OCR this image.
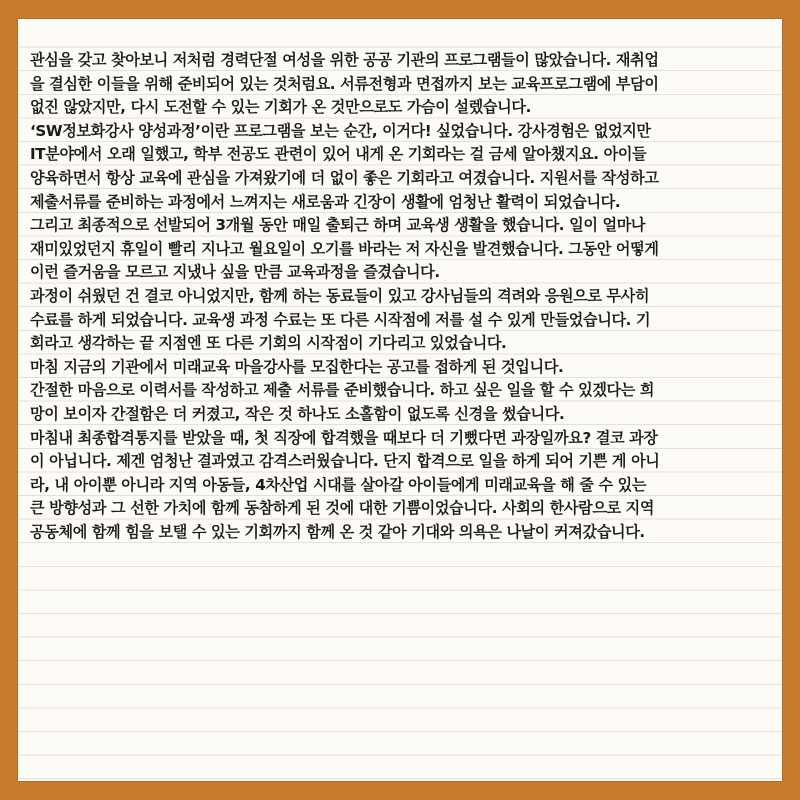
관심을 갖고 찾아보니 저처럼 경력단절 여성을 위한 공공 기관의 프로그램들이 많았습니다. 재취업
을 결심한 이들을 위해 준비되어 있는 것처럼요. 서류전형과 면접까지 보는 교육프로그램에 부담이
없진 않았지만, 다시 도전할 수 있는 기회가 온 것만으로도 가슴이 설렜습니다.
‘SW정보화강사 양성과정’이란 프로그램을 보는 순간, 이거다! 싶었습니다. 강사경험은 없었지만
IT분야에서 오래 일했고, 학부 전공도 관련이 있어 내게 온 기회라는 걸 금세 알아챘지요. 아이들
양육하면서 항상 교육에 관심을 가져왔기에 더 없이 좋은 기회라고 여겼습니다. 지원서를 작성하고
제출서류를 준비하는 과정에서 느껴지는 새로움과 긴장이 생활에 엄청난 활력이 되었습니다.
그리고 최종적으로 선발되어 3개월 동안 매일 출퇴근 하며 교육생 생활을 했습니다. 일이 얼마나
재미있었던지 휴일이 빨리 지나고 월요일이 오기를 바라는 저 자신을 발견했습니다. 그동안 어떻게
이런 즐거움을 모르고 지냈나 싶을 만큼 교육과정을 즐겼습니다.
과정이 쉬웠던 건 결코 아니었지만, 함께 하는 동료들이 있고 강사님들의 격려와 응원으로 무사히
수료를 하게 되었습니다. 교육생 과정 수료는 또 다른 시작점에 저를 설 수 있게 만들었습니다. 기
회라고 생각하는 끝 지점엔 또 다른 기회의 시작점이 기다리고 있었습니다.
마침 지금의 기관에서 미래교육 마을강사를 모집한다는 공고를 접하게 된 것입니다.
간절한 마음으로 이력서를 작성하고 제출 서류를 준비했습니다. 하고 싶은 일을 할 수 있겠다는 희
망이 보이자 간절함은 더 커졌고, 작은 것 하나도 소홀함이 없도록 신경을 썼습니다.
마침내 최종합격통지를 받았을 때, 첫 직장에 합격했을 때보다 더 기뻤다면 과장일까요? 결코 과장
이 아닙니다. 제겐 엄청난 결과였고 감격스러웠습니다. 단지 합격으로 일을 하게 되어 기쁜 게 아니
라, 내 아이뿐 아니라 지역 아동들, 4차산업 시대를 살아갈 아이들에게 미래교육을 해 줄 수 있는
큰 방향성과 그 선한 가치에 함께 동참하게 된 것에 대한 기쁨이었습니다. 사회의 한사람으로 지역
공동체에 함께 힘을 보탤 수 있는 기회까지 함께 온 것 같아 기대와 의욕은 나날이 커져갔습니다.
